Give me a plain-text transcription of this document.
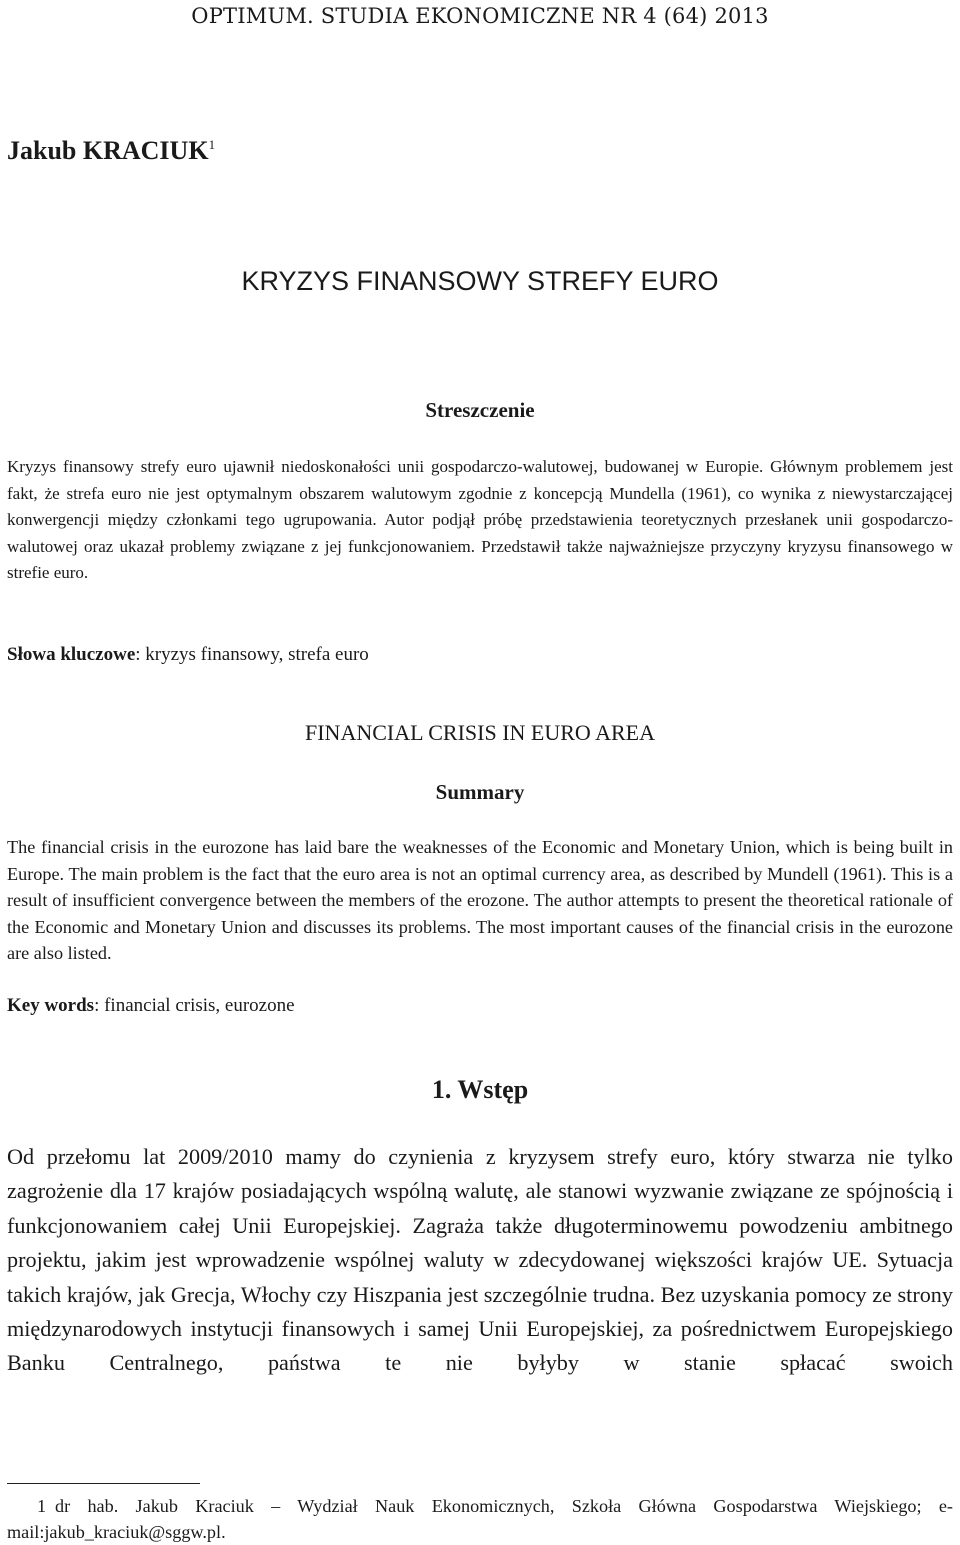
OPTIMUM. STUDIA EKONOMICZNE NR 4 (64) 2013
Jakub KRACIUK$^1$
KRYZYS FINANSOWY STREFY EURO
Streszczenie
Kryzys finansowy strefy euro ujawnił niedoskonałości unii gospodarczo-walutowej, budowanej w Europie. Głównym problemem jest fakt, że strefa euro nie jest optymalnym obszarem walutowym zgodnie z koncepcją Mundella (1961), co wynika z niewystarczającej konwergencji między członkami tego ugrupowania. Autor podjął próbę przedstawienia teoretycznych przesłanek unii gospodarczo-walutowej oraz ukazał problemy związane z jej funkcjonowaniem. Przedstawił także najważniejsze przyczyny kryzysu finansowego w strefie euro.
Słowa kluczowe: kryzys finansowy, strefa euro
FINANCIAL CRISIS IN EURO AREA
Summary
The financial crisis in the eurozone has laid bare the weaknesses of the Economic and Monetary Union, which is being built in Europe. The main problem is the fact that the euro area is not an optimal currency area, as described by Mundell (1961). This is a result of insufficient convergence between the members of the erozone. The author attempts to present the theoretical rationale of the Economic and Monetary Union and discusses its problems. The most important causes of the financial crisis in the eurozone are also listed.
Key words: financial crisis, eurozone
1. Wstęp
Od przełomu lat 2009/2010 mamy do czynienia z kryzysem strefy euro, który stwarza nie tylko zagrożenie dla 17 krajów posiadających wspólną walutę, ale stanowi wyzwanie związane ze spójnością i funkcjonowaniem całej Unii Europejskiej. Zagraża także długoterminowemu powodzeniu ambitnego projektu, jakim jest wprowadzenie wspólnej waluty w zdecydowanej większości krajów UE. Sytuacja takich krajów, jak Grecja, Włochy czy Hiszpania jest szczególnie trudna. Bez uzyskania pomocy ze strony międzynarodowych instytucji finansowych i samej Unii Europejskiej, za pośrednictwem Europejskiego Banku Centralnego, państwa te nie byłyby w stanie spłacać swoich
1 dr hab. Jakub Kraciuk – Wydział Nauk Ekonomicznych, Szkoła Główna Gospodarstwa Wiejskiego; e-mail:jakub_kraciuk@sggw.pl.
